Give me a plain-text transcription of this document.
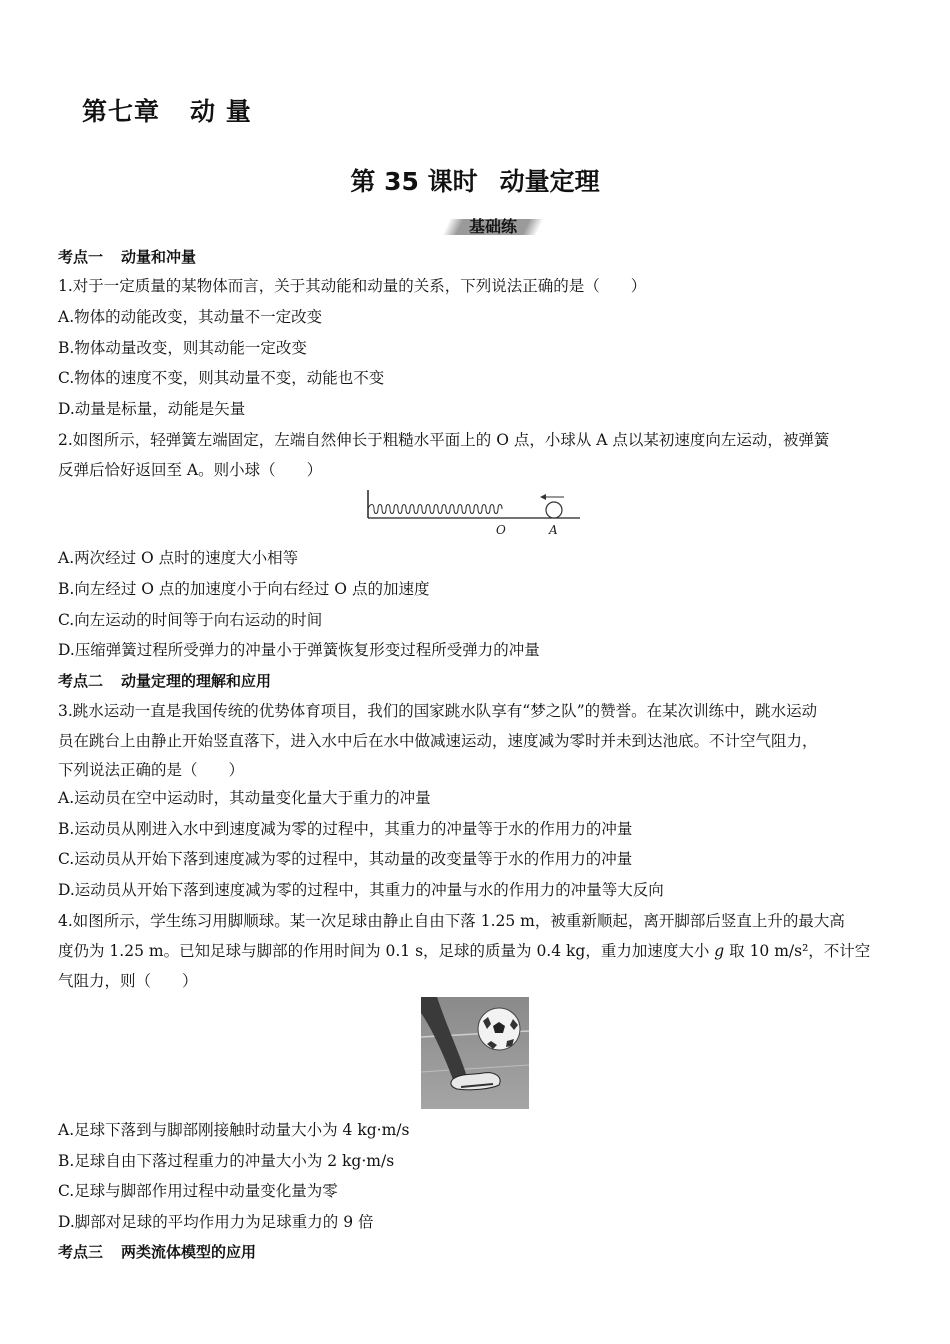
第七章 动 量
第 35 课时 动量定理
基础练
考点一 动量和冲量
1.对于一定质量的某物体而言，关于其动能和动量的关系，下列说法正确的是（　　）
A.物体的动能改变，其动量不一定改变
B.物体动量改变，则其动能一定改变
C.物体的速度不变，则其动量不变，动能也不变
D.动量是标量，动能是矢量
2.如图所示，轻弹簧左端固定，左端自然伸长于粗糙水平面上的 O 点，小球从 A 点以某初速度向左运动，被弹簧
反弹后恰好返回至 A。则小球（　　）
O	A
A.两次经过 O 点时的速度大小相等
B.向左经过 O 点的加速度小于向右经过 O 点的加速度
C.向左运动的时间等于向右运动的时间
D.压缩弹簧过程所受弹力的冲量小于弹簧恢复形变过程所受弹力的冲量
考点二 动量定理的理解和应用
3.跳水运动一直是我国传统的优势体育项目，我们的国家跳水队享有“梦之队”的赞誉。在某次训练中，跳水运动
员在跳台上由静止开始竖直落下，进入水中后在水中做减速运动，速度减为零时并未到达池底。不计空气阻力，
下列说法正确的是（　　）
A.运动员在空中运动时，其动量变化量大于重力的冲量
B.运动员从刚进入水中到速度减为零的过程中，其重力的冲量等于水的作用力的冲量
C.运动员从开始下落到速度减为零的过程中，其动量的改变量等于水的作用力的冲量
D.运动员从开始下落到速度减为零的过程中，其重力的冲量与水的作用力的冲量等大反向
4.如图所示，学生练习用脚顺球。某一次足球由静止自由下落 1.25 m，被重新顺起，离开脚部后竖直上升的最大高
度仍为 1.25 m。已知足球与脚部的作用时间为 0.1 s，足球的质量为 0.4 kg，重力加速度大小 g 取 10 m/s²，不计空
气阻力，则（　　）
A.足球下落到与脚部刚接触时动量大小为 4 kg·m/s
B.足球自由下落过程重力的冲量大小为 2 kg·m/s
C.足球与脚部作用过程中动量变化量为零
D.脚部对足球的平均作用力为足球重力的 9 倍
考点三 两类流体模型的应用
